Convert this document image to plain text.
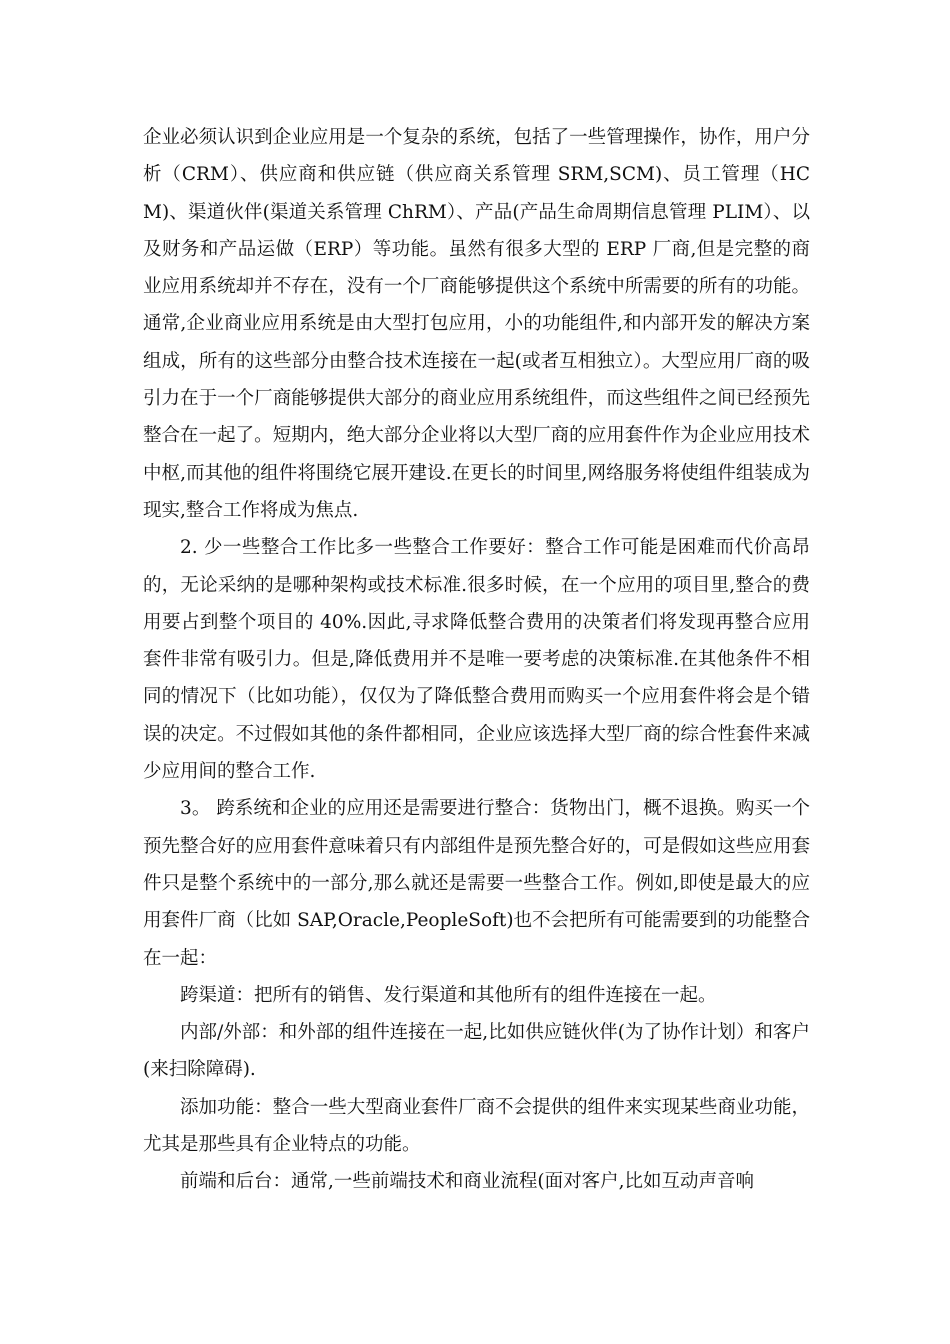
企业必须认识到企业应用是一个复杂的系统，包括了一些管理操作，协作，用户分析（CRM）、供应商和供应链（供应商关系管理 SRM,SCM)、员工管理（HCM)、渠道伙伴(渠道关系管理 ChRM）、产品(产品生命周期信息管理 PLIM）、以及财务和产品运做（ERP）等功能。虽然有很多大型的 ERP 厂商,但是完整的商业应用系统却并不存在，没有一个厂商能够提供这个系统中所需要的所有的功能。通常,企业商业应用系统是由大型打包应用，小的功能组件,和内部开发的解决方案组成，所有的这些部分由整合技术连接在一起(或者互相独立）。大型应用厂商的吸引力在于一个厂商能够提供大部分的商业应用系统组件，而这些组件之间已经预先整合在一起了。短期内，绝大部分企业将以大型厂商的应用套件作为企业应用技术中枢,而其他的组件将围绕它展开建设.在更长的时间里,网络服务将使组件组装成为现实,整合工作将成为焦点.

2. 少一些整合工作比多一些整合工作要好：整合工作可能是困难而代价高昂的，无论采纳的是哪种架构或技术标准.很多时候，在一个应用的项目里,整合的费用要占到整个项目的 40%.因此,寻求降低整合费用的决策者们将发现再整合应用套件非常有吸引力。但是,降低费用并不是唯一要考虑的决策标准.在其他条件不相同的情况下（比如功能），仅仅为了降低整合费用而购买一个应用套件将会是个错误的决定。不过假如其他的条件都相同，企业应该选择大型厂商的综合性套件来减少应用间的整合工作.

3。 跨系统和企业的应用还是需要进行整合：货物出门，概不退换。购买一个预先整合好的应用套件意味着只有内部组件是预先整合好的，可是假如这些应用套件只是整个系统中的一部分,那么就还是需要一些整合工作。例如,即使是最大的应用套件厂商（比如 SAP,Oracle,PeopleSoft)也不会把所有可能需要到的功能整合在一起：

跨渠道：把所有的销售、发行渠道和其他所有的组件连接在一起。

内部/外部：和外部的组件连接在一起,比如供应链伙伴(为了协作计划）和客户(来扫除障碍).

添加功能：整合一些大型商业套件厂商不会提供的组件来实现某些商业功能，尤其是那些具有企业特点的功能。

前端和后台：通常,一些前端技术和商业流程(面对客户,比如互动声音响
